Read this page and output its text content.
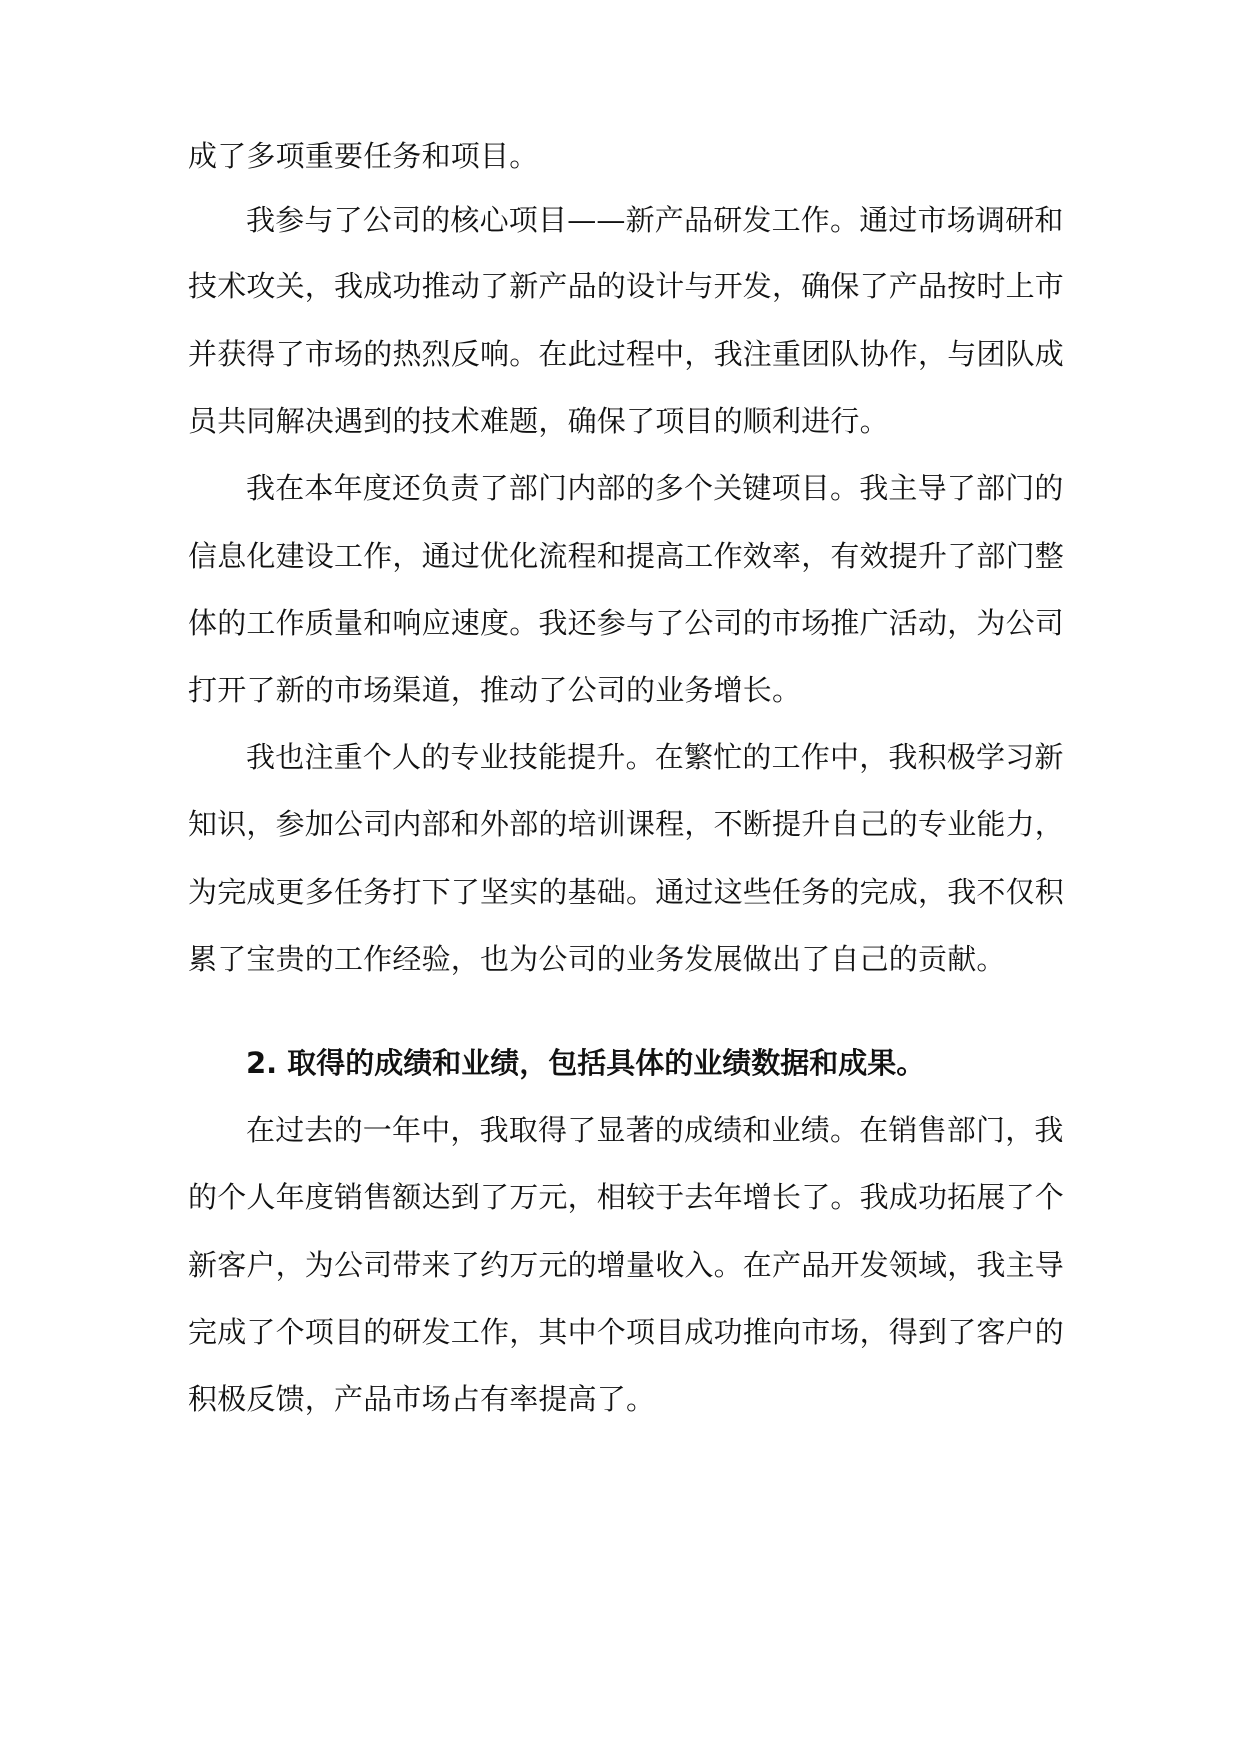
成了多项重要任务和项目。
我参与了公司的核心项目——新产品研发工作。通过市场调研和
技术攻关，我成功推动了新产品的设计与开发，确保了产品按时上市
并获得了市场的热烈反响。在此过程中，我注重团队协作，与团队成
员共同解决遇到的技术难题，确保了项目的顺利进行。
我在本年度还负责了部门内部的多个关键项目。我主导了部门的
信息化建设工作，通过优化流程和提高工作效率，有效提升了部门整
体的工作质量和响应速度。我还参与了公司的市场推广活动，为公司
打开了新的市场渠道，推动了公司的业务增长。
我也注重个人的专业技能提升。在繁忙的工作中，我积极学习新
知识，参加公司内部和外部的培训课程，不断提升自己的专业能力，
为完成更多任务打下了坚实的基础。通过这些任务的完成，我不仅积
累了宝贵的工作经验，也为公司的业务发展做出了自己的贡献。
2. 取得的成绩和业绩，包括具体的业绩数据和成果。
在过去的一年中，我取得了显著的成绩和业绩。在销售部门，我
的个人年度销售额达到了万元，相较于去年增长了。我成功拓展了个
新客户，为公司带来了约万元的增量收入。在产品开发领域，我主导
完成了个项目的研发工作，其中个项目成功推向市场，得到了客户的
积极反馈，产品市场占有率提高了。
